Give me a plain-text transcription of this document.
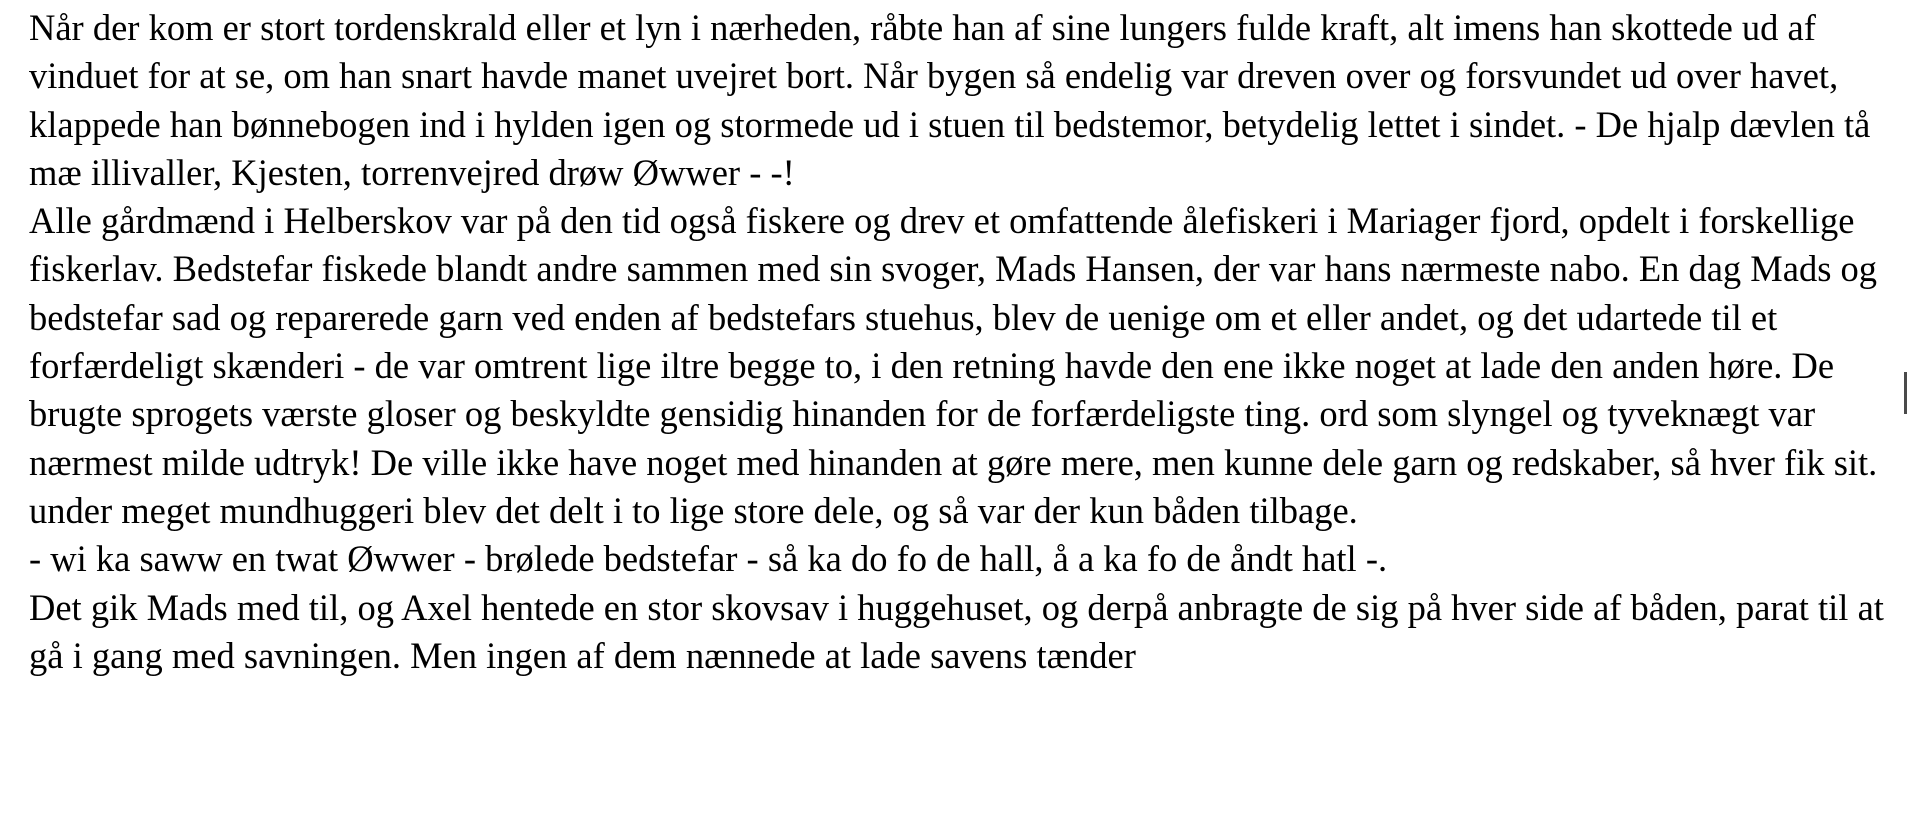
Når der kom er stort tordenskrald eller et lyn i nærheden, råbte han af sine lungers fulde kraft, alt imens han skottede ud af vinduet for at se, om han snart havde manet uvejret bort. Når bygen så endelig var dreven over og forsvundet ud over havet, klappede han bønnebogen ind i hylden igen og stormede ud i stuen til bedstemor, betydelig lettet i sindet. - De hjalp dævlen tå mæ illivaller, Kjesten, torrenvejred drøw Øwwer - -!

Alle gårdmænd i Helberskov var på den tid også fiskere og drev et omfattende ålefiskeri i Mariager fjord, opdelt i forskellige fiskerlav. Bedstefar fiskede blandt andre sammen med sin svoger, Mads Hansen, der var hans nærmeste nabo. En dag Mads og bedstefar sad og reparerede garn ved enden af bedstefars stuehus, blev de uenige om et eller andet, og det udartede til et forfærdeligt skænderi - de var omtrent lige iltre begge to, i den retning havde den ene ikke noget at lade den anden høre. De brugte sprogets værste gloser og beskyldte gensidig hinanden for de forfærdeligste ting. ord som slyngel og tyveknægt var nærmest milde udtryk! De ville ikke have noget med hinanden at gøre mere, men kunne dele garn og redskaber, så hver fik sit. under meget mundhuggeri blev det delt i to lige store dele, og så var der kun båden tilbage.

- wi ka saww en twat Øwwer - brølede bedstefar - så ka do fo de hall, å a ka fo de åndt hatl -.

Det gik Mads med til, og Axel hentede en stor skovsav i huggehuset, og derpå anbragte de sig på hver side af båden, parat til at gå i gang med savningen. Men ingen af dem nænnede at lade savens tænder
